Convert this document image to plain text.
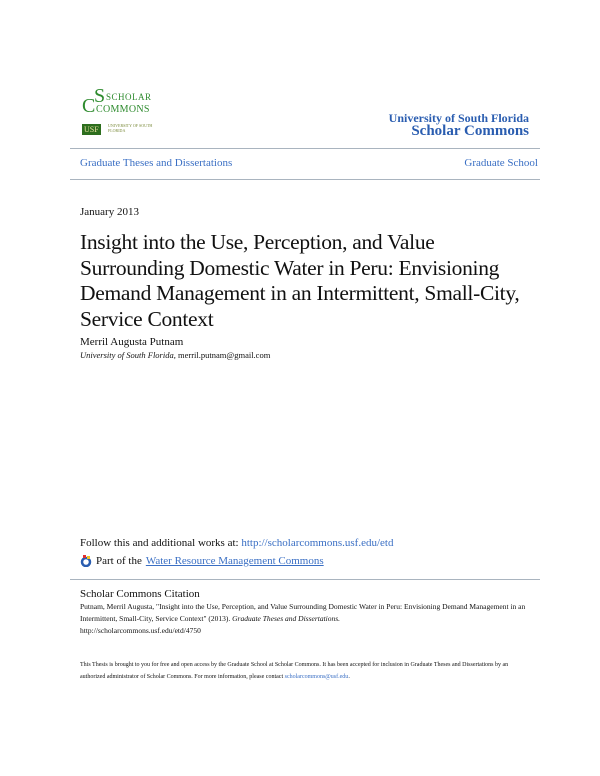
S
C SCHOLAR
COMMONS
USF	UNIVERSITY OF SOUTH FLORIDA
University of South Florida
Scholar Commons
Graduate Theses and Dissertations	Graduate School
January 2013
Insight into the Use, Perception, and Value Surrounding Domestic Water in Peru: Envisioning Demand Management in an Intermittent, Small-City, Service Context
Merril Augusta Putnam
University of South Florida, merril.putnam@gmail.com
Follow this and additional works at: http://scholarcommons.usf.edu/etd
Part of the Water Resource Management Commons
Scholar Commons Citation
Putnam, Merril Augusta, "Insight into the Use, Perception, and Value Surrounding Domestic Water in Peru: Envisioning Demand Management in an Intermittent, Small-City, Service Context" (2013). Graduate Theses and Dissertations.
http://scholarcommons.usf.edu/etd/4750
This Thesis is brought to you for free and open access by the Graduate School at Scholar Commons. It has been accepted for inclusion in Graduate Theses and Dissertations by an authorized administrator of Scholar Commons. For more information, please contact scholarcommons@usf.edu.
